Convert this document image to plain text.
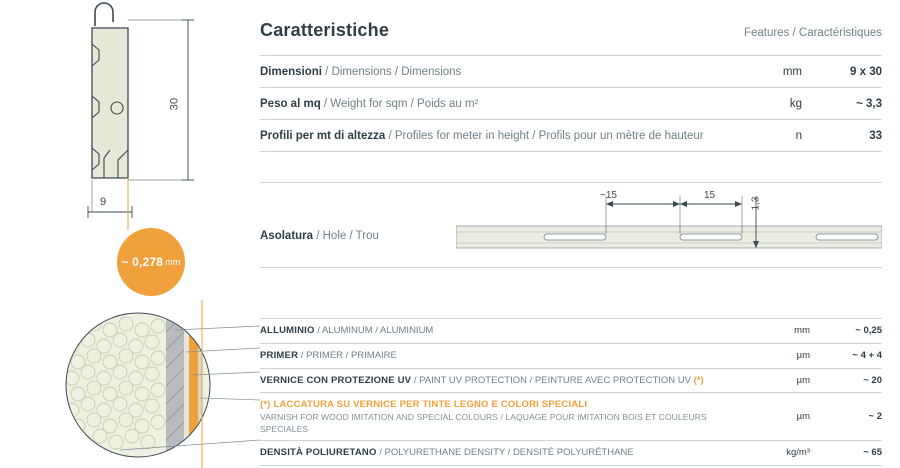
30
9
~ 0,278 mm
Caratteristiche	Features / Caractéristiques
Dimensioni / Dimensions / Dimensions	mm	9 x 30
Peso al mq / Weight for sqm / Poids au m²	kg	~ 3,3
Profili per mt di altezza / Profiles for meter in height / Profils pour un mètre de hauteur	n	33
Asolatura / Hole / Trou
~15	15
1,3
ALLUMINIO / ALUMINUM / ALUMINIUM	mm	~ 0,25
PRIMER / PRIMER / PRIMAIRE	µm	~ 4 + 4
VERNICE CON PROTEZIONE UV / PAINT UV PROTECTION / PEINTURE AVEC PROTECTION UV (*)	µm	~ 20
(*) LACCATURA SU VERNICE PER TINTE LEGNO E COLORI SPECIALI
VARNISH FOR WOOD IMITATION AND SPECIAL COLOURS / LAQUAGE POUR IMITATION BOIS ET COULEURS SPECIALES	µm	~ 2
DENSITÀ POLIURETANO / POLYURETHANE DENSITY / DENSITÉ POLYURÉTHANE	kg/m³	~ 65
